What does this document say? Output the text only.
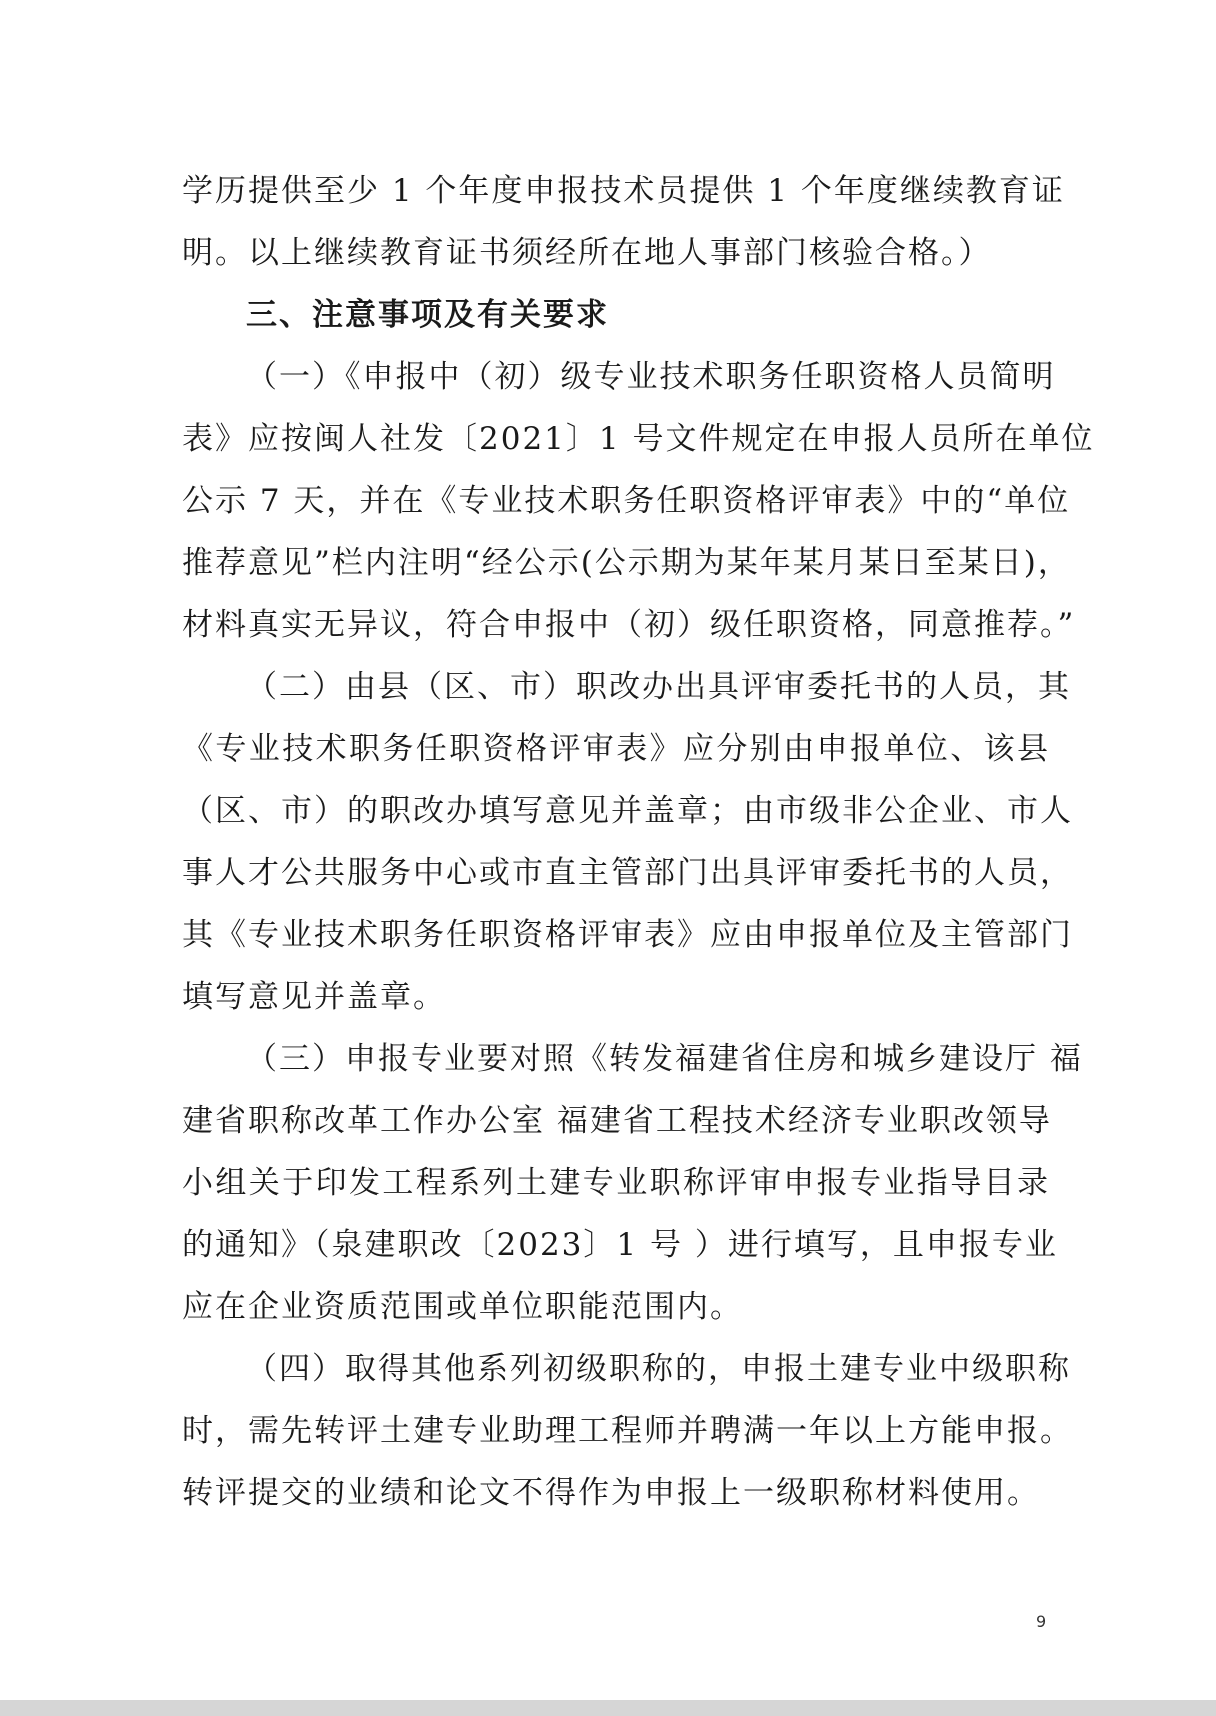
学历提供至少 1 个年度申报技术员提供 1 个年度继续教育证
明。以上继续教育证书须经所在地人事部门核验合格。）
三、注意事项及有关要求
（一）《申报中（初）级专业技术职务任职资格人员简明
表》应按闽人社发〔2021〕1 号文件规定在申报人员所在单位
公示 7 天，并在《专业技术职务任职资格评审表》中的“单位
推荐意见”栏内注明“经公示(公示期为某年某月某日至某日)，
材料真实无异议，符合申报中（初）级任职资格，同意推荐。”
（二）由县（区、市）职改办出具评审委托书的人员，其
《专业技术职务任职资格评审表》应分别由申报单位、该县
（区、市）的职改办填写意见并盖章；由市级非公企业、市人
事人才公共服务中心或市直主管部门出具评审委托书的人员，
其《专业技术职务任职资格评审表》应由申报单位及主管部门
填写意见并盖章。
（三）申报专业要对照《转发福建省住房和城乡建设厅 福
建省职称改革工作办公室 福建省工程技术经济专业职改领导
小组关于印发工程系列土建专业职称评审申报专业指导目录
的通知》（泉建职改〔2023〕1 号 ）进行填写，且申报专业
应在企业资质范围或单位职能范围内。
（四）取得其他系列初级职称的，申报土建专业中级职称
时，需先转评土建专业助理工程师并聘满一年以上方能申报。
转评提交的业绩和论文不得作为申报上一级职称材料使用。
9
